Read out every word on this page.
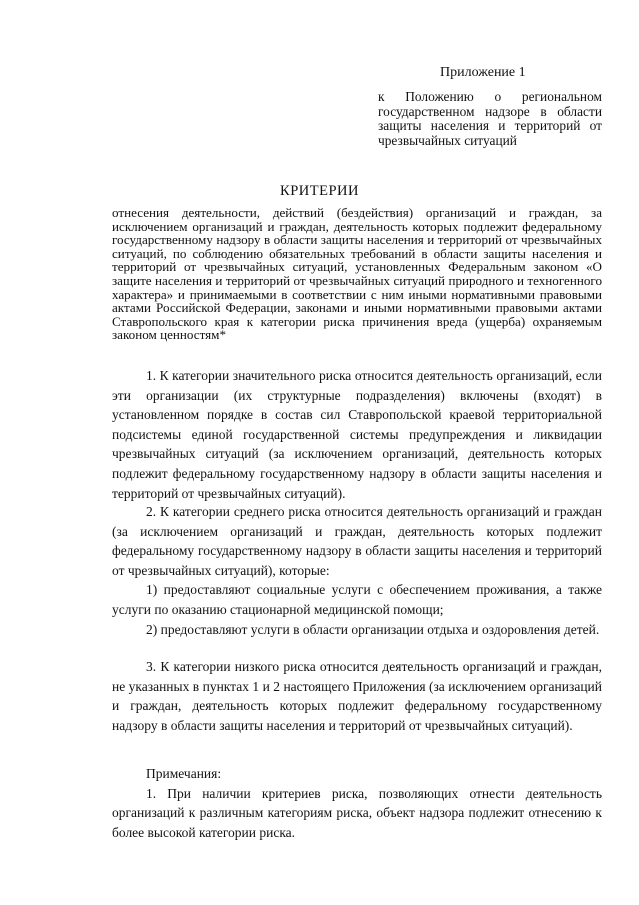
Приложение 1
к Положению о региональном государственном надзоре в области защиты населения и территорий от чрезвычайных ситуаций
КРИТЕРИИ
отнесения деятельности, действий (бездействия) организаций и граждан, за исключением организаций и граждан, деятельность которых подлежит федеральному государственному надзору в области защиты населения и территорий от чрезвычайных ситуаций, по соблюдению обязательных требований в области защиты населения и территорий от чрезвычайных ситуаций, установленных Федеральным законом «О защите населения и территорий от чрезвычайных ситуаций природного и техногенного характера» и принимаемыми в соответствии с ним иными нормативными правовыми актами Российской Федерации, законами и иными нормативными правовыми актами Ставропольского края к категории риска причинения вреда (ущерба) охраняемым законом ценностям*

1. К категории значительного риска относится деятельность организаций, если эти организации (их структурные подразделения) включены (входят) в установленном порядке в состав сил Ставропольской краевой территориальной подсистемы единой государственной системы предупреждения и ликвидации чрезвычайных ситуаций (за исключением организаций, деятельность которых подлежит федеральному государственному надзору в области защиты населения и территорий от чрезвычайных ситуаций).

2. К категории среднего риска относится деятельность организаций и граждан (за исключением организаций и граждан, деятельность которых подлежит федеральному государственному надзору в области защиты населения и территорий от чрезвычайных ситуаций), которые:

1) предоставляют социальные услуги с обеспечением проживания, а также услуги по оказанию стационарной медицинской помощи;

2) предоставляют услуги в области организации отдыха и оздоровления детей.

3. К категории низкого риска относится деятельность организаций и граждан, не указанных в пунктах 1 и 2 настоящего Приложения (за исключением организаций и граждан, деятельность которых подлежит федеральному государственному надзору в области защиты населения и территорий от чрезвычайных ситуаций).

Примечания:

1. При наличии критериев риска, позволяющих отнести деятельность организаций к различным категориям риска, объект надзора подлежит отнесению к более высокой категории риска.
